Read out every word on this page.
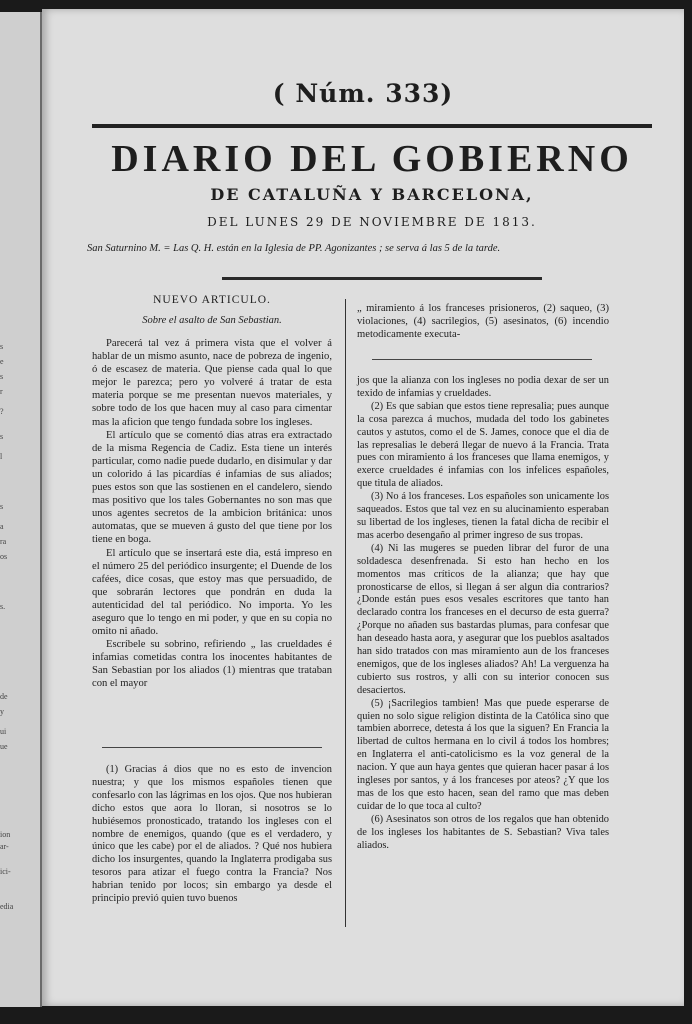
s
e
s
r
?
s
l
s
a
ra
os
s.
de
y
ui
ue
ion
ar-
ici-
edia
( Núm. 333)
DIARIO DEL GOBIERNO
DE CATALUÑA Y BARCELONA,
DEL LUNES 29 DE NOVIEMBRE DE 1813.
San Saturnino M. = Las Q. H. están en la Iglesia de PP. Agonizantes ; se serva á las 5 de la tarde.
NUEVO ARTICULO.
Sobre el asalto de San Sebastian.

Parecerá tal vez á primera vista que el volver á hablar de un mismo asunto, nace de pobreza de ingenio, ó de escasez de materia. Que piense cada qual lo que mejor le parezca; pero yo volveré á tratar de esta materia porque se me presentan nuevos materiales, y sobre todo de los que hacen muy al caso para cimentar mas la aficion que tengo fundada sobre los ingleses.

El artículo que se comentó dias atras era extractado de la misma Regencia de Cadiz. Esta tiene un interés particular, como nadie puede dudarlo, en disimular y dar un colorido á las picardías é infamias de sus aliados; pues estos son que las sostienen en el candelero, siendo mas positivo que los tales Gobernantes no son mas que unos agentes secretos de la ambicion británica: unos automatas, que se mueven á gusto del que tiene por los tiene en boga.

El artículo que se insertará este dia, está impreso en el número 25 del periódico insurgente; el Duende de los cafées, dice cosas, que estoy mas que persuadido, de que sobrarán lectores que pondrán en duda la autenticidad del tal periódico. No importa. Yo les aseguro que lo tengo en mi poder, y que en su copia no omito ni añado.

Escríbele su sobrino, refiriendo „ las crueldades é infamias cometidas contra los inocentes habitantes de San Sebastian por los aliados (1) mientras que trataban con el mayor

(1) Gracias á dios que no es esto de invencion nuestra; y que los mismos españoles tienen que confesarlo con las lágrimas en los ojos. Que nos hubieran dicho estos que aora lo lloran, si nosotros se lo hubiésemos pronosticado, tratando los ingleses con el nombre de enemigos, quando (que es el verdadero, y único que les cabe) por el de aliados. ? Qué nos hubiera dicho los insurgentes, quando la Inglaterra prodigaba sus tesoros para atizar el fuego contra la Francia? Nos habrian tenido por locos; sin embargo ya desde el principio previó quien tuvo buenos

„ miramiento á los franceses prisioneros, (2) saqueo, (3) violaciones, (4) sacrilegios, (5) asesinatos, (6) incendio metodicamente executa-

jos que la alianza con los ingleses no podia dexar de ser un texido de infamias y crueldades.

(2) Es que sabian que estos tiene represalia; pues aunque la cosa parezca á muchos, mudada del todo los gabinetes cautos y astutos, como el de S. James, conoce que el dia de las represalias le deberá llegar de nuevo á la Francia. Trata pues con miramiento á los franceses que llama enemigos, y exerce crueldades é infamias con los infelices españoles, que titula de aliados.

(3) No á los franceses. Los españoles son unicamente los saqueados. Estos que tal vez en su alucinamiento esperaban su libertad de los ingleses, tienen la fatal dicha de recibir el mas acerbo desengaño al primer ingreso de sus tropas.

(4) Ni las mugeres se pueden librar del furor de una soldadesca desenfrenada. Si esto han hecho en los momentos mas críticos de la alianza; que hay que pronosticarse de ellos, si llegan á ser algun dia contrarios? ¿Donde están pues esos vesales escritores que tanto han declarado contra los franceses en el decurso de esta guerra? ¿Porque no añaden sus bastardas plumas, para confesar que han deseado hasta aora, y asegurar que los pueblos asaltados han sido tratados con mas miramiento aun de los franceses enemigos, que de los ingleses aliados? Ah! La verguenza ha cubierto sus rostros, y alli con su interior conocen sus desaciertos.

(5) ¡Sacrilegios tambien! Mas que puede esperarse de quien no solo sigue religion distinta de la Católica sino que tambien aborrece, detesta á los que la siguen? En Francia la libertad de cultos hermana en lo civil á todos los hombres; en Inglaterra el anti-catolicismo es la voz general de la nacion. Y que aun haya gentes que quieran hacer pasar á los ingleses por santos, y á los franceses por ateos? ¿Y que los mas de los que esto hacen, sean del ramo que mas deben cuidar de lo que toca al culto?

(6) Asesinatos son otros de los regalos que han obtenido de los ingleses los habitantes de S. Sebastian? Viva tales aliados.
